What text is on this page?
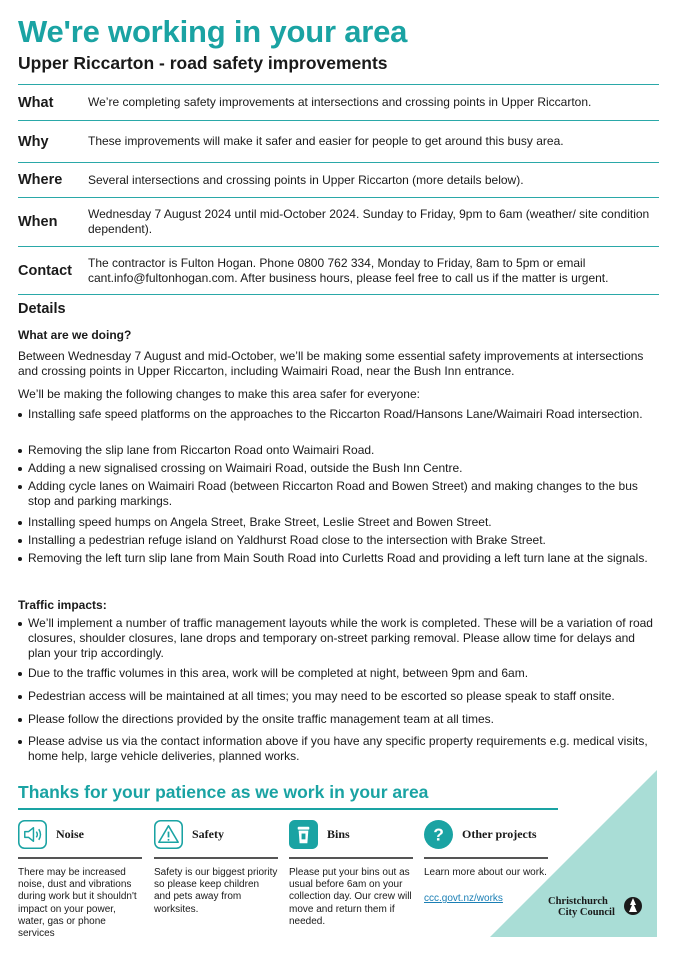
We're working in your area
Upper Riccarton - road safety improvements
What	We’re completing safety improvements at intersections and crossing points in Upper Riccarton.
Why	These improvements will make it safer and easier for people to get around this busy area.
Where	Several intersections and crossing points in Upper Riccarton (more details below).
When	Wednesday 7 August 2024 until mid-October 2024. Sunday to Friday, 9pm to 6am (weather/ site condition dependent).
Contact	The contractor is Fulton Hogan. Phone 0800 762 334, Monday to Friday, 8am to 5pm or email cant.info@fultonhogan.com. After business hours, please feel free to call us if the matter is urgent.
Details
What are we doing?
Between Wednesday 7 August and mid-October, we’ll be making some essential safety improvements at intersections and crossing points in Upper Riccarton, including Waimairi Road, near the Bush Inn entrance.
We’ll be making the following changes to make this area safer for everyone:
Installing safe speed platforms on the approaches to the Riccarton Road/Hansons Lane/Waimairi Road intersection.
Removing the slip lane from Riccarton Road onto Waimairi Road.
Adding a new signalised crossing on Waimairi Road, outside the Bush Inn Centre.
Adding cycle lanes on Waimairi Road (between Riccarton Road and Bowen Street) and making changes to the bus stop and parking markings.
Installing speed humps on Angela Street, Brake Street, Leslie Street and Bowen Street.
Installing a pedestrian refuge island on Yaldhurst Road close to the intersection with Brake Street.
Removing the left turn slip lane from Main South Road into Curletts Road and providing a left turn lane at the signals.
Traffic impacts:
We’ll implement a number of traffic management layouts while the work is completed. These will be a variation of road closures, shoulder closures, lane drops and temporary on-street parking removal. Please allow time for delays and plan your trip accordingly.
Due to the traffic volumes in this area, work will be completed at night, between 9pm and 6am.
Pedestrian access will be maintained at all times; you may need to be escorted so please speak to staff onsite.
Please follow the directions provided by the onsite traffic management team at all times.
Please advise us via the contact information above if you have any specific property requirements e.g. medical visits, home help, large vehicle deliveries, planned works.
Thanks for your patience as we work in your area
Noise
There may be increased noise, dust and vibrations during work but it shouldn't impact on your power, water, gas or phone services
Safety
Safety is our biggest priority so please keep children and pets away from worksites.
Bins
Please put your bins out as usual before 6am on your collection day. Our crew will move and return them if needed.
? Other projects
Learn more about our work.
ccc.govt.nz/works	Christchurch
City Council
